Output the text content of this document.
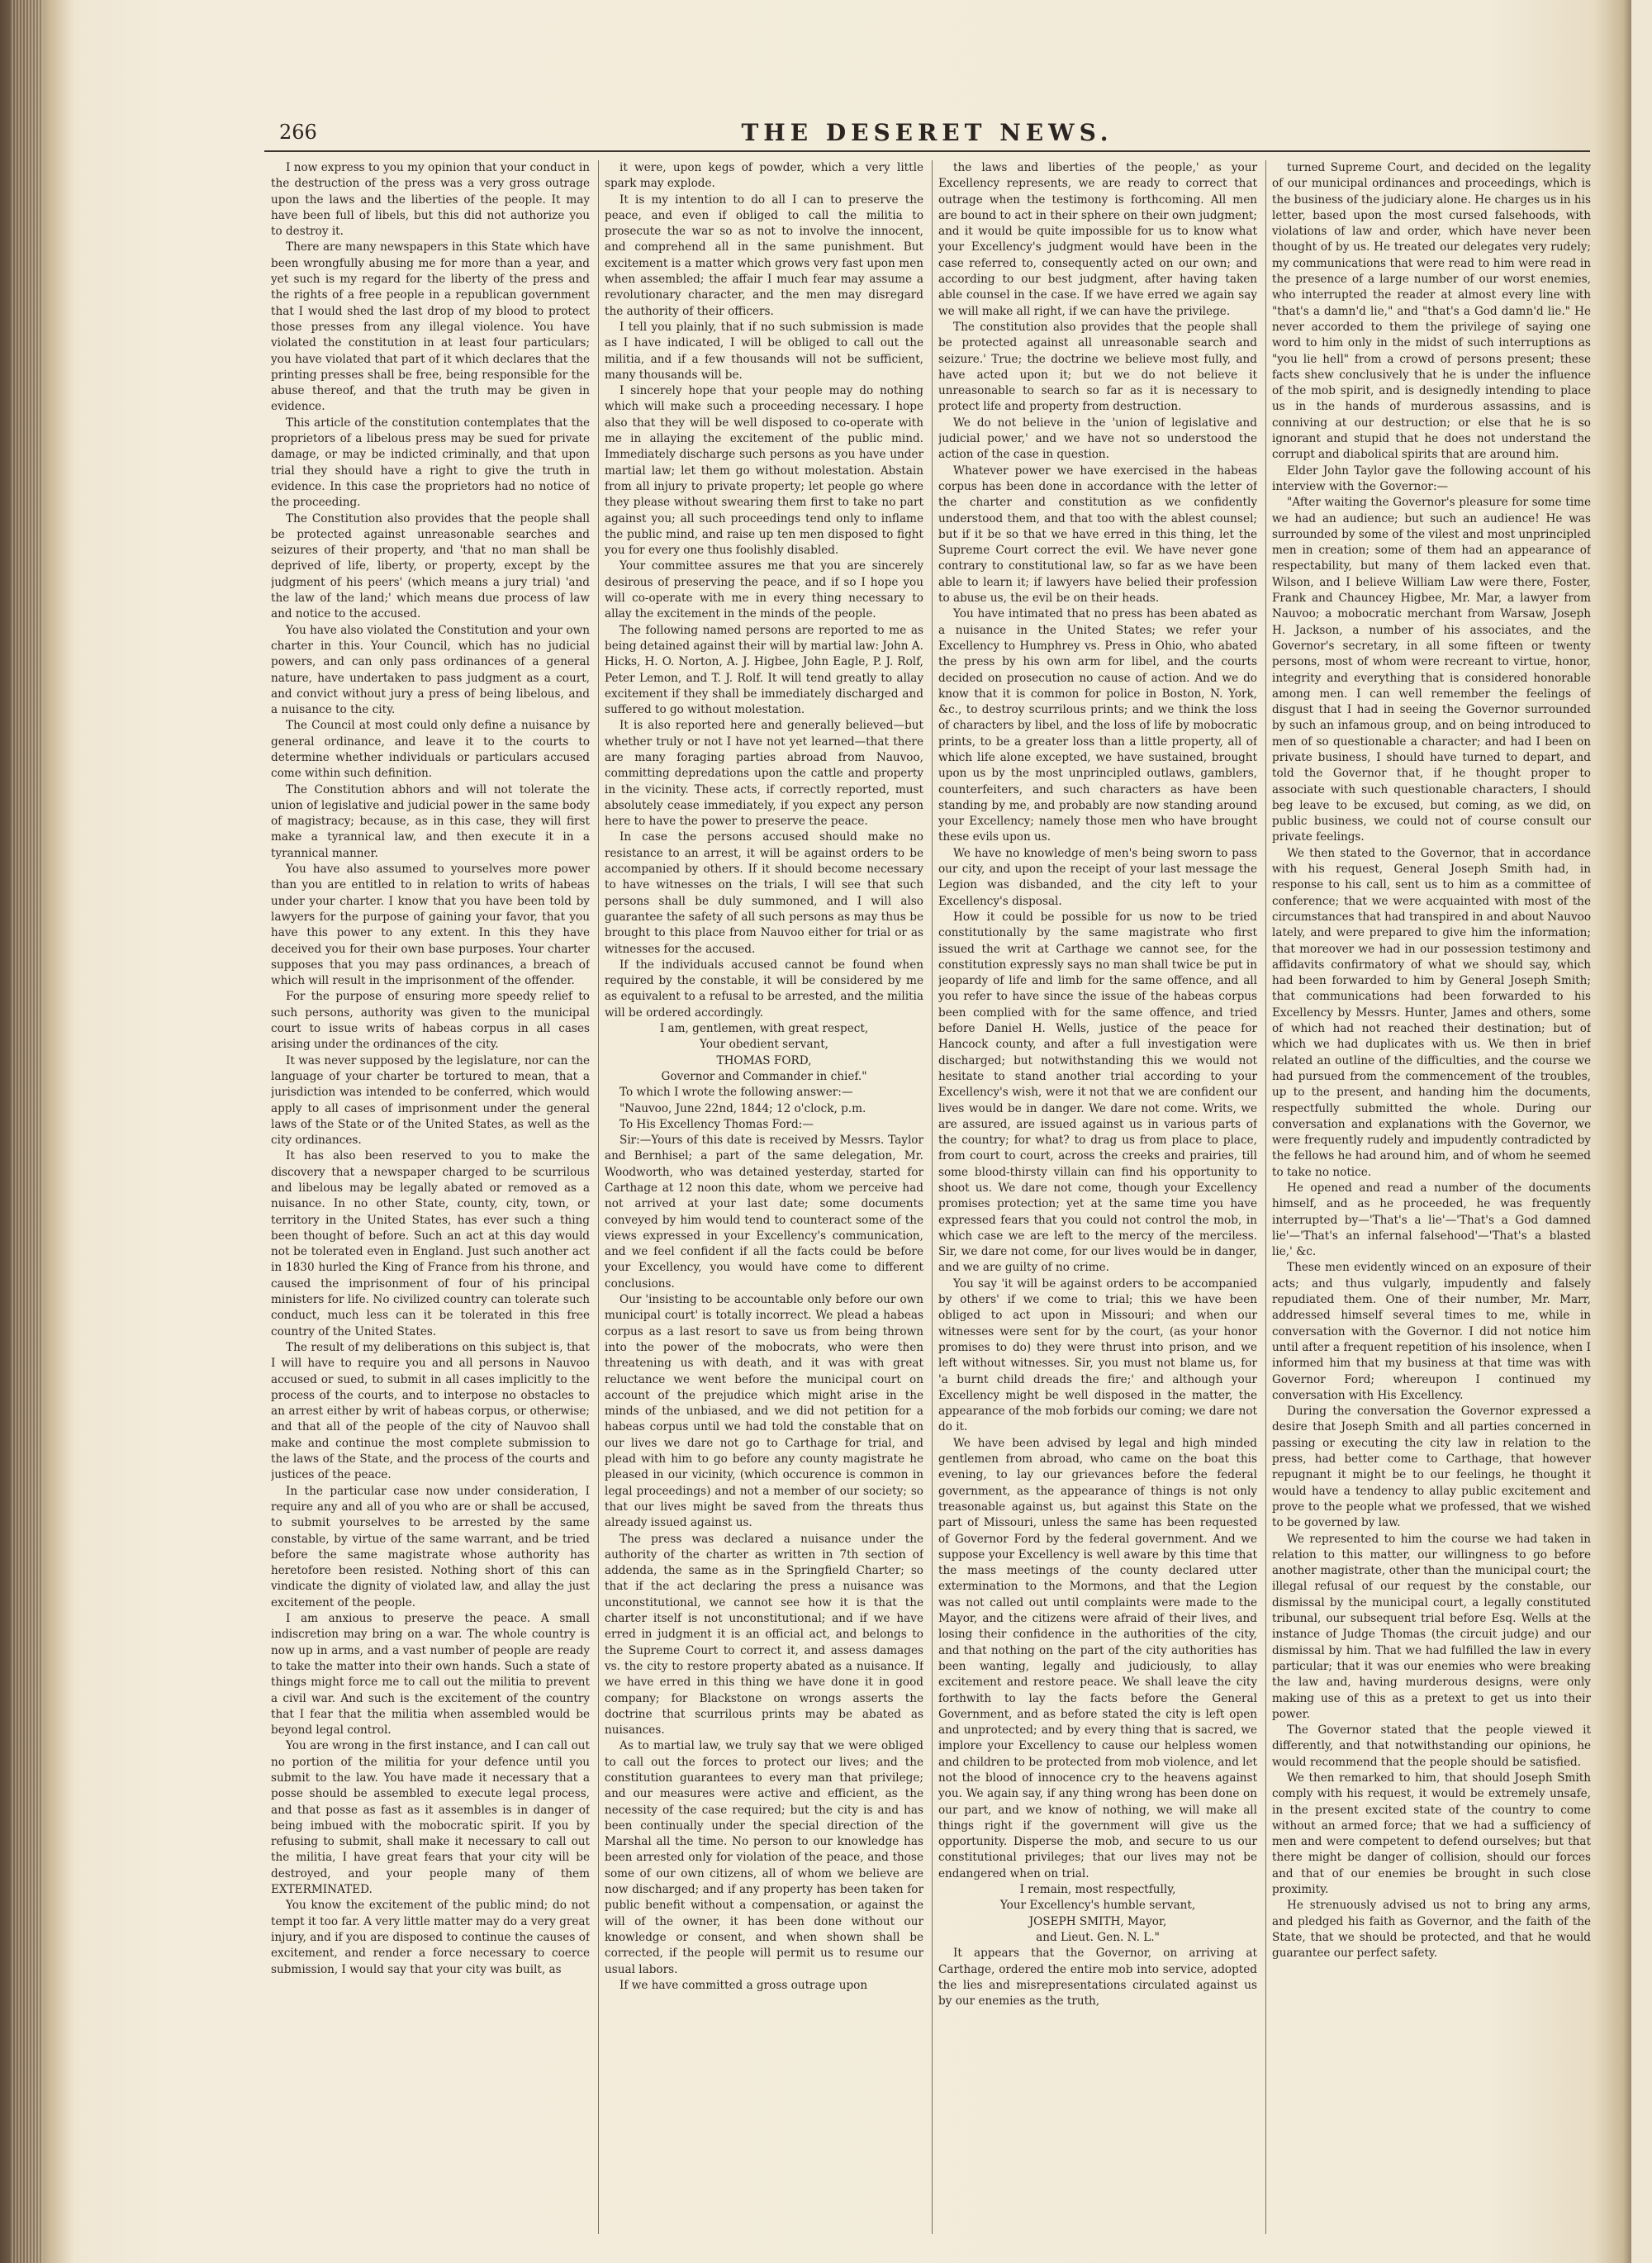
266	THE DESERET NEWS.

I now express to you my opinion that your conduct in the destruction of the press was a very gross outrage upon the laws and the liberties of the people. It may have been full of libels, but this did not authorize you to destroy it.

There are many newspapers in this State which have been wrongfully abusing me for more than a year, and yet such is my regard for the liberty of the press and the rights of a free people in a republican government that I would shed the last drop of my blood to protect those presses from any illegal violence. You have violated the constitution in at least four particulars; you have violated that part of it which declares that the printing presses shall be free, being responsible for the abuse thereof, and that the truth may be given in evidence.

This article of the constitution contemplates that the proprietors of a libelous press may be sued for private damage, or may be indicted criminally, and that upon trial they should have a right to give the truth in evidence. In this case the proprietors had no notice of the proceeding.

The Constitution also provides that the people shall be protected against unreasonable searches and seizures of their property, and 'that no man shall be deprived of life, liberty, or property, except by the judgment of his peers' (which means a jury trial) 'and the law of the land;' which means due process of law and notice to the accused.

You have also violated the Constitution and your own charter in this. Your Council, which has no judicial powers, and can only pass ordinances of a general nature, have undertaken to pass judgment as a court, and convict without jury a press of being libelous, and a nuisance to the city.

The Council at most could only define a nuisance by general ordinance, and leave it to the courts to determine whether individuals or particulars accused come within such definition.

The Constitution abhors and will not tolerate the union of legislative and judicial power in the same body of magistracy; because, as in this case, they will first make a tyrannical law, and then execute it in a tyrannical manner.

You have also assumed to yourselves more power than you are entitled to in relation to writs of habeas under your charter. I know that you have been told by lawyers for the purpose of gaining your favor, that you have this power to any extent. In this they have deceived you for their own base purposes. Your charter supposes that you may pass ordinances, a breach of which will result in the imprisonment of the offender.

For the purpose of ensuring more speedy relief to such persons, authority was given to the municipal court to issue writs of habeas corpus in all cases arising under the ordinances of the city.

It was never supposed by the legislature, nor can the language of your charter be tortured to mean, that a jurisdiction was intended to be conferred, which would apply to all cases of imprisonment under the general laws of the State or of the United States, as well as the city ordinances.

It has also been reserved to you to make the discovery that a newspaper charged to be scurrilous and libelous may be legally abated or removed as a nuisance. In no other State, county, city, town, or territory in the United States, has ever such a thing been thought of before. Such an act at this day would not be tolerated even in England. Just such another act in 1830 hurled the King of France from his throne, and caused the imprisonment of four of his principal ministers for life. No civilized country can tolerate such conduct, much less can it be tolerated in this free country of the United States.

The result of my deliberations on this subject is, that I will have to require you and all persons in Nauvoo accused or sued, to submit in all cases implicitly to the process of the courts, and to interpose no obstacles to an arrest either by writ of habeas corpus, or otherwise; and that all of the people of the city of Nauvoo shall make and continue the most complete submission to the laws of the State, and the process of the courts and justices of the peace.

In the particular case now under consideration, I require any and all of you who are or shall be accused, to submit yourselves to be arrested by the same constable, by virtue of the same warrant, and be tried before the same magistrate whose authority has heretofore been resisted. Nothing short of this can vindicate the dignity of violated law, and allay the just excitement of the people.

I am anxious to preserve the peace. A small indiscretion may bring on a war. The whole country is now up in arms, and a vast number of people are ready to take the matter into their own hands. Such a state of things might force me to call out the militia to prevent a civil war. And such is the excitement of the country that I fear that the militia when assembled would be beyond legal control.

You are wrong in the first instance, and I can call out no portion of the militia for your defence until you submit to the law. You have made it necessary that a posse should be assembled to execute legal process, and that posse as fast as it assembles is in danger of being imbued with the mobocratic spirit. If you by refusing to submit, shall make it necessary to call out the militia, I have great fears that your city will be destroyed, and your people many of them EXTERMINATED.

You know the excitement of the public mind; do not tempt it too far. A very little matter may do a very great injury, and if you are disposed to continue the causes of excitement, and render a force necessary to coerce submission, I would say that your city was built, as

it were, upon kegs of powder, which a very little spark may explode.

It is my intention to do all I can to preserve the peace, and even if obliged to call the militia to prosecute the war so as not to involve the innocent, and comprehend all in the same punishment. But excitement is a matter which grows very fast upon men when assembled; the affair I much fear may assume a revolutionary character, and the men may disregard the authority of their officers.

I tell you plainly, that if no such submission is made as I have indicated, I will be obliged to call out the militia, and if a few thousands will not be sufficient, many thousands will be.

I sincerely hope that your people may do nothing which will make such a proceeding necessary. I hope also that they will be well disposed to co-operate with me in allaying the excitement of the public mind. Immediately discharge such persons as you have under martial law; let them go without molestation. Abstain from all injury to private property; let people go where they please without swearing them first to take no part against you; all such proceedings tend only to inflame the public mind, and raise up ten men disposed to fight you for every one thus foolishly disabled.

Your committee assures me that you are sincerely desirous of preserving the peace, and if so I hope you will co-operate with me in every thing necessary to allay the excitement in the minds of the people.

The following named persons are reported to me as being detained against their will by martial law: John A. Hicks, H. O. Norton, A. J. Higbee, John Eagle, P. J. Rolf, Peter Lemon, and T. J. Rolf. It will tend greatly to allay excitement if they shall be immediately discharged and suffered to go without molestation.

It is also reported here and generally believed—but whether truly or not I have not yet learned—that there are many foraging parties abroad from Nauvoo, committing depredations upon the cattle and property in the vicinity. These acts, if correctly reported, must absolutely cease immediately, if you expect any person here to have the power to preserve the peace.

In case the persons accused should make no resistance to an arrest, it will be against orders to be accompanied by others. If it should become necessary to have witnesses on the trials, I will see that such persons shall be duly summoned, and I will also guarantee the safety of all such persons as may thus be brought to this place from Nauvoo either for trial or as witnesses for the accused.

If the individuals accused cannot be found when required by the constable, it will be considered by me as equivalent to a refusal to be arrested, and the militia will be ordered accordingly.

I am, gentlemen, with great respect,

Your obedient servant,

THOMAS FORD,

Governor and Commander in chief."

To which I wrote the following answer:—

"Nauvoo, June 22nd, 1844; 12 o'clock, p.m.

To His Excellency Thomas Ford:—

Sir:—Yours of this date is received by Messrs. Taylor and Bernhisel; a part of the same delegation, Mr. Woodworth, who was detained yesterday, started for Carthage at 12 noon this date, whom we perceive had not arrived at your last date; some documents conveyed by him would tend to counteract some of the views expressed in your Excellency's communication, and we feel confident if all the facts could be before your Excellency, you would have come to different conclusions.

Our 'insisting to be accountable only before our own municipal court' is totally incorrect. We plead a habeas corpus as a last resort to save us from being thrown into the power of the mobocrats, who were then threatening us with death, and it was with great reluctance we went before the municipal court on account of the prejudice which might arise in the minds of the unbiased, and we did not petition for a habeas corpus until we had told the constable that on our lives we dare not go to Carthage for trial, and plead with him to go before any county magistrate he pleased in our vicinity, (which occurence is common in legal proceedings) and not a member of our society; so that our lives might be saved from the threats thus already issued against us.

The press was declared a nuisance under the authority of the charter as written in 7th section of addenda, the same as in the Springfield Charter; so that if the act declaring the press a nuisance was unconstitutional, we cannot see how it is that the charter itself is not unconstitutional; and if we have erred in judgment it is an official act, and belongs to the Supreme Court to correct it, and assess damages vs. the city to restore property abated as a nuisance. If we have erred in this thing we have done it in good company; for Blackstone on wrongs asserts the doctrine that scurrilous prints may be abated as nuisances.

As to martial law, we truly say that we were obliged to call out the forces to protect our lives; and the constitution guarantees to every man that privilege; and our measures were active and efficient, as the necessity of the case required; but the city is and has been continually under the special direction of the Marshal all the time. No person to our knowledge has been arrested only for violation of the peace, and those some of our own citizens, all of whom we believe are now discharged; and if any property has been taken for public benefit without a compensation, or against the will of the owner, it has been done without our knowledge or consent, and when shown shall be corrected, if the people will permit us to resume our usual labors.

If we have committed a gross outrage upon

the laws and liberties of the people,' as your Excellency represents, we are ready to correct that outrage when the testimony is forthcoming. All men are bound to act in their sphere on their own judgment; and it would be quite impossible for us to know what your Excellency's judgment would have been in the case referred to, consequently acted on our own; and according to our best judgment, after having taken able counsel in the case. If we have erred we again say we will make all right, if we can have the privilege.

The constitution also provides that the people shall be protected against all unreasonable search and seizure.' True; the doctrine we believe most fully, and have acted upon it; but we do not believe it unreasonable to search so far as it is necessary to protect life and property from destruction.

We do not believe in the 'union of legislative and judicial power,' and we have not so understood the action of the case in question.

Whatever power we have exercised in the habeas corpus has been done in accordance with the letter of the charter and constitution as we confidently understood them, and that too with the ablest counsel; but if it be so that we have erred in this thing, let the Supreme Court correct the evil. We have never gone contrary to constitutional law, so far as we have been able to learn it; if lawyers have belied their profession to abuse us, the evil be on their heads.

You have intimated that no press has been abated as a nuisance in the United States; we refer your Excellency to Humphrey vs. Press in Ohio, who abated the press by his own arm for libel, and the courts decided on prosecution no cause of action. And we do know that it is common for police in Boston, N. York, &c., to destroy scurrilous prints; and we think the loss of characters by libel, and the loss of life by mobocratic prints, to be a greater loss than a little property, all of which life alone excepted, we have sustained, brought upon us by the most unprincipled outlaws, gamblers, counterfeiters, and such characters as have been standing by me, and probably are now standing around your Excellency; namely those men who have brought these evils upon us.

We have no knowledge of men's being sworn to pass our city, and upon the receipt of your last message the Legion was disbanded, and the city left to your Excellency's disposal.

How it could be possible for us now to be tried constitutionally by the same magistrate who first issued the writ at Carthage we cannot see, for the constitution expressly says no man shall twice be put in jeopardy of life and limb for the same offence, and all you refer to have since the issue of the habeas corpus been complied with for the same offence, and tried before Daniel H. Wells, justice of the peace for Hancock county, and after a full investigation were discharged; but notwithstanding this we would not hesitate to stand another trial according to your Excellency's wish, were it not that we are confident our lives would be in danger. We dare not come. Writs, we are assured, are issued against us in various parts of the country; for what? to drag us from place to place, from court to court, across the creeks and prairies, till some blood-thirsty villain can find his opportunity to shoot us. We dare not come, though your Excellency promises protection; yet at the same time you have expressed fears that you could not control the mob, in which case we are left to the mercy of the merciless. Sir, we dare not come, for our lives would be in danger, and we are guilty of no crime.

You say 'it will be against orders to be accompanied by others' if we come to trial; this we have been obliged to act upon in Missouri; and when our witnesses were sent for by the court, (as your honor promises to do) they were thrust into prison, and we left without witnesses. Sir, you must not blame us, for 'a burnt child dreads the fire;' and although your Excellency might be well disposed in the matter, the appearance of the mob forbids our coming; we dare not do it.

We have been advised by legal and high minded gentlemen from abroad, who came on the boat this evening, to lay our grievances before the federal government, as the appearance of things is not only treasonable against us, but against this State on the part of Missouri, unless the same has been requested of Governor Ford by the federal government. And we suppose your Excellency is well aware by this time that the mass meetings of the county declared utter extermination to the Mormons, and that the Legion was not called out until complaints were made to the Mayor, and the citizens were afraid of their lives, and losing their confidence in the authorities of the city, and that nothing on the part of the city authorities has been wanting, legally and judiciously, to allay excitement and restore peace. We shall leave the city forthwith to lay the facts before the General Government, and as before stated the city is left open and unprotected; and by every thing that is sacred, we implore your Excellency to cause our helpless women and children to be protected from mob violence, and let not the blood of innocence cry to the heavens against you. We again say, if any thing wrong has been done on our part, and we know of nothing, we will make all things right if the government will give us the opportunity. Disperse the mob, and secure to us our constitutional privileges; that our lives may not be endangered when on trial.

I remain, most respectfully,

Your Excellency's humble servant,

JOSEPH SMITH, Mayor,

and Lieut. Gen. N. L."

It appears that the Governor, on arriving at Carthage, ordered the entire mob into service, adopted the lies and misrepresentations circulated against us by our enemies as the truth,

turned Supreme Court, and decided on the legality of our municipal ordinances and proceedings, which is the business of the judiciary alone. He charges us in his letter, based upon the most cursed falsehoods, with violations of law and order, which have never been thought of by us. He treated our delegates very rudely; my communications that were read to him were read in the presence of a large number of our worst enemies, who interrupted the reader at almost every line with "that's a damn'd lie," and "that's a God damn'd lie." He never accorded to them the privilege of saying one word to him only in the midst of such interruptions as "you lie hell" from a crowd of persons present; these facts shew conclusively that he is under the influence of the mob spirit, and is designedly intending to place us in the hands of murderous assassins, and is conniving at our destruction; or else that he is so ignorant and stupid that he does not understand the corrupt and diabolical spirits that are around him.

Elder John Taylor gave the following account of his interview with the Governor:—

"After waiting the Governor's pleasure for some time we had an audience; but such an audience! He was surrounded by some of the vilest and most unprincipled men in creation; some of them had an appearance of respectability, but many of them lacked even that. Wilson, and I believe William Law were there, Foster, Frank and Chauncey Higbee, Mr. Mar, a lawyer from Nauvoo; a mobocratic merchant from Warsaw, Joseph H. Jackson, a number of his associates, and the Governor's secretary, in all some fifteen or twenty persons, most of whom were recreant to virtue, honor, integrity and everything that is considered honorable among men. I can well remember the feelings of disgust that I had in seeing the Governor surrounded by such an infamous group, and on being introduced to men of so questionable a character; and had I been on private business, I should have turned to depart, and told the Governor that, if he thought proper to associate with such questionable characters, I should beg leave to be excused, but coming, as we did, on public business, we could not of course consult our private feelings.

We then stated to the Governor, that in accordance with his request, General Joseph Smith had, in response to his call, sent us to him as a committee of conference; that we were acquainted with most of the circumstances that had transpired in and about Nauvoo lately, and were prepared to give him the information; that moreover we had in our possession testimony and affidavits confirmatory of what we should say, which had been forwarded to him by General Joseph Smith; that communications had been forwarded to his Excellency by Messrs. Hunter, James and others, some of which had not reached their destination; but of which we had duplicates with us. We then in brief related an outline of the difficulties, and the course we had pursued from the commencement of the troubles, up to the present, and handing him the documents, respectfully submitted the whole. During our conversation and explanations with the Governor, we were frequently rudely and impudently contradicted by the fellows he had around him, and of whom he seemed to take no notice.

He opened and read a number of the documents himself, and as he proceeded, he was frequently interrupted by—'That's a lie'—'That's a God damned lie'—'That's an infernal falsehood'—'That's a blasted lie,' &c.

These men evidently winced on an exposure of their acts; and thus vulgarly, impudently and falsely repudiated them. One of their number, Mr. Marr, addressed himself several times to me, while in conversation with the Governor. I did not notice him until after a frequent repetition of his insolence, when I informed him that my business at that time was with Governor Ford; whereupon I continued my conversation with His Excellency.

During the conversation the Governor expressed a desire that Joseph Smith and all parties concerned in passing or executing the city law in relation to the press, had better come to Carthage, that however repugnant it might be to our feelings, he thought it would have a tendency to allay public excitement and prove to the people what we professed, that we wished to be governed by law.

We represented to him the course we had taken in relation to this matter, our willingness to go before another magistrate, other than the municipal court; the illegal refusal of our request by the constable, our dismissal by the municipal court, a legally constituted tribunal, our subsequent trial before Esq. Wells at the instance of Judge Thomas (the circuit judge) and our dismissal by him. That we had fulfilled the law in every particular; that it was our enemies who were breaking the law and, having murderous designs, were only making use of this as a pretext to get us into their power.

The Governor stated that the people viewed it differently, and that notwithstanding our opinions, he would recommend that the people should be satisfied.

We then remarked to him, that should Joseph Smith comply with his request, it would be extremely unsafe, in the present excited state of the country to come without an armed force; that we had a sufficiency of men and were competent to defend ourselves; but that there might be danger of collision, should our forces and that of our enemies be brought in such close proximity.

He strenuously advised us not to bring any arms, and pledged his faith as Governor, and the faith of the State, that we should be protected, and that he would guarantee our perfect safety.
